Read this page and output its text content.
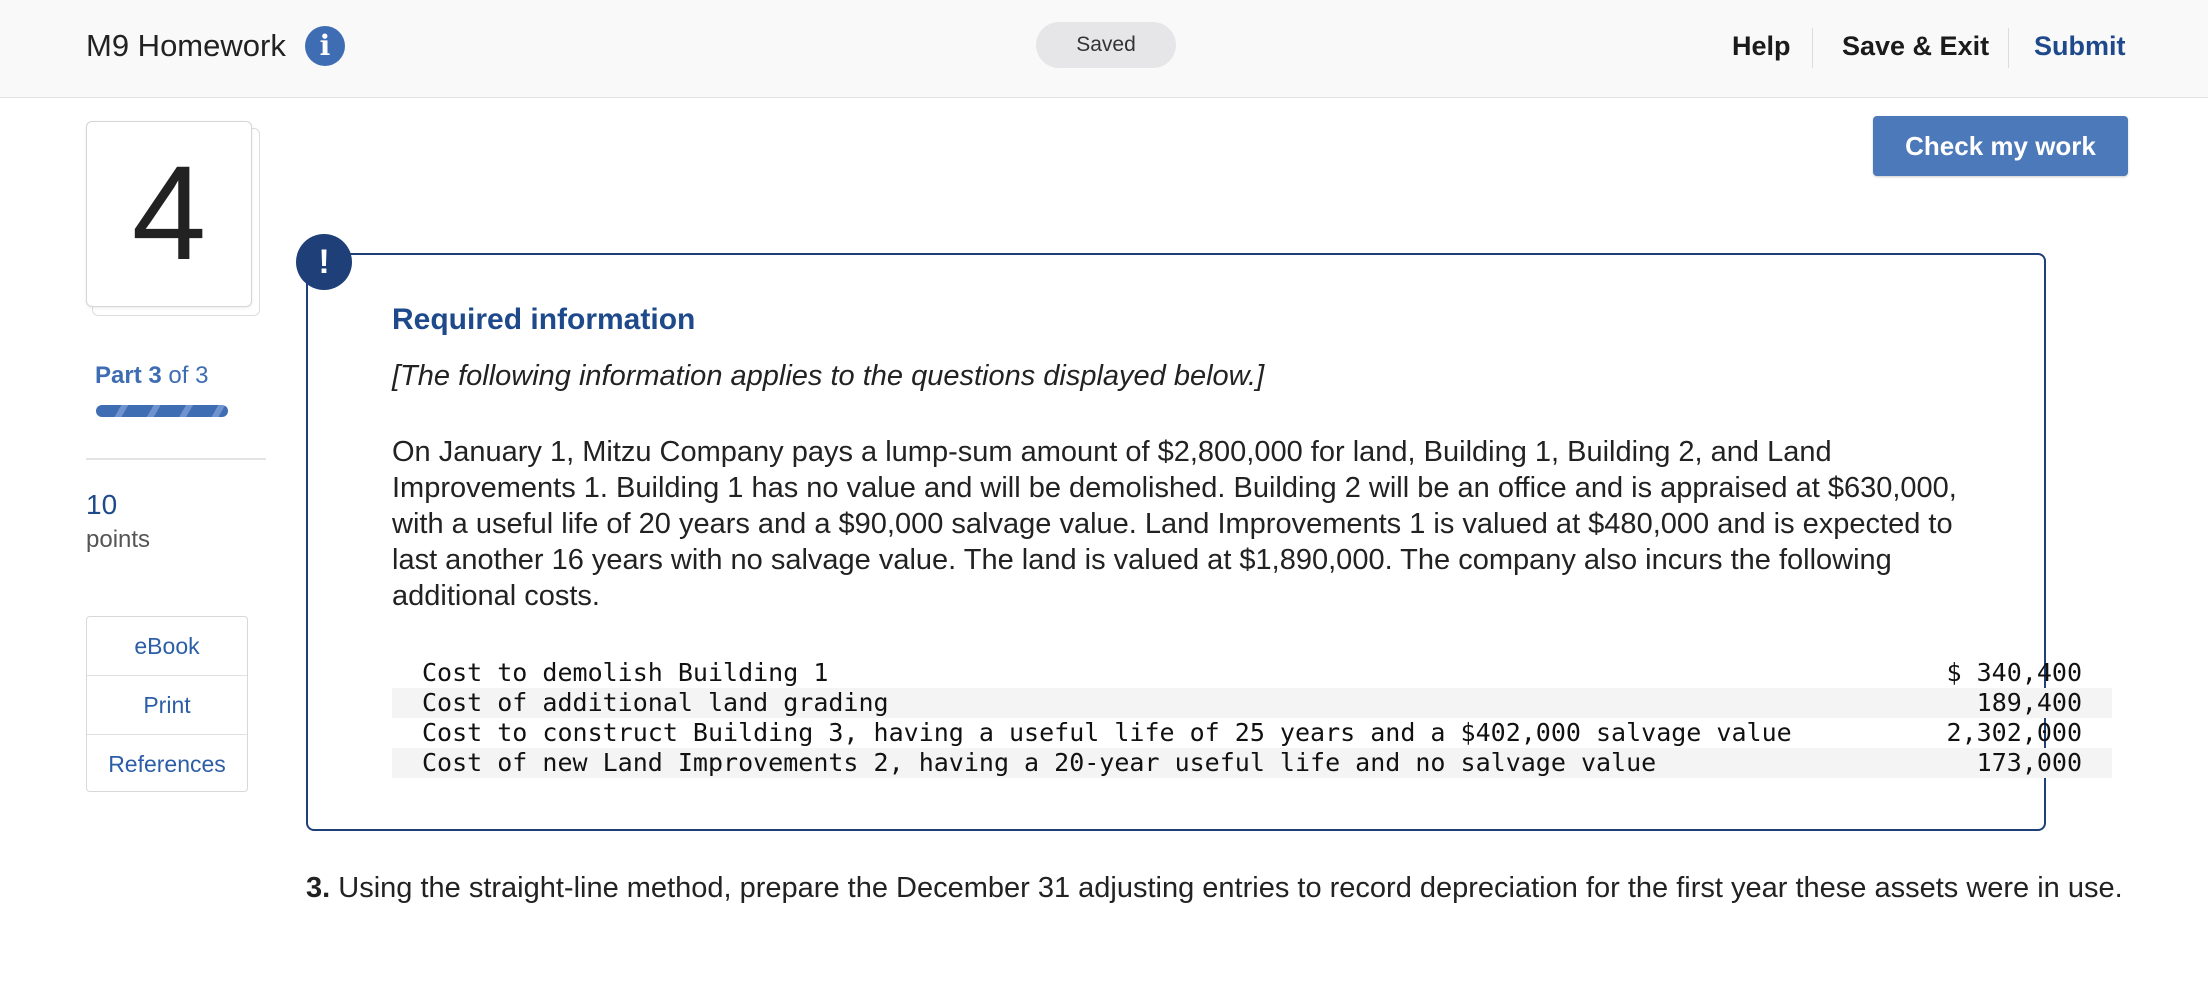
M9 Homework	i	Saved	Help Save & Exit Submit
4
Part 3 of 3
10
points
eBook
Print
References
Check my work
!
Required information
[The following information applies to the questions displayed below.]
On January 1, Mitzu Company pays a lump-sum amount of $2,800,000 for land, Building 1, Building 2, and Land Improvements 1. Building 1 has no value and will be demolished. Building 2 will be an office and is appraised at $630,000, with a useful life of 20 years and a $90,000 salvage value. Land Improvements 1 is valued at $480,000 and is expected to last another 16 years with no salvage value. The land is valued at $1,890,000. The company also incurs the following additional costs.
Cost to demolish Building 1	$ 340,400
Cost of additional land grading	189,400
Cost to construct Building 3, having a useful life of 25 years and a $402,000 salvage value	2,302,000
Cost of new Land Improvements 2, having a 20-year useful life and no salvage value	173,000
3. Using the straight-line method, prepare the December 31 adjusting entries to record depreciation for the first year these assets were in use.
